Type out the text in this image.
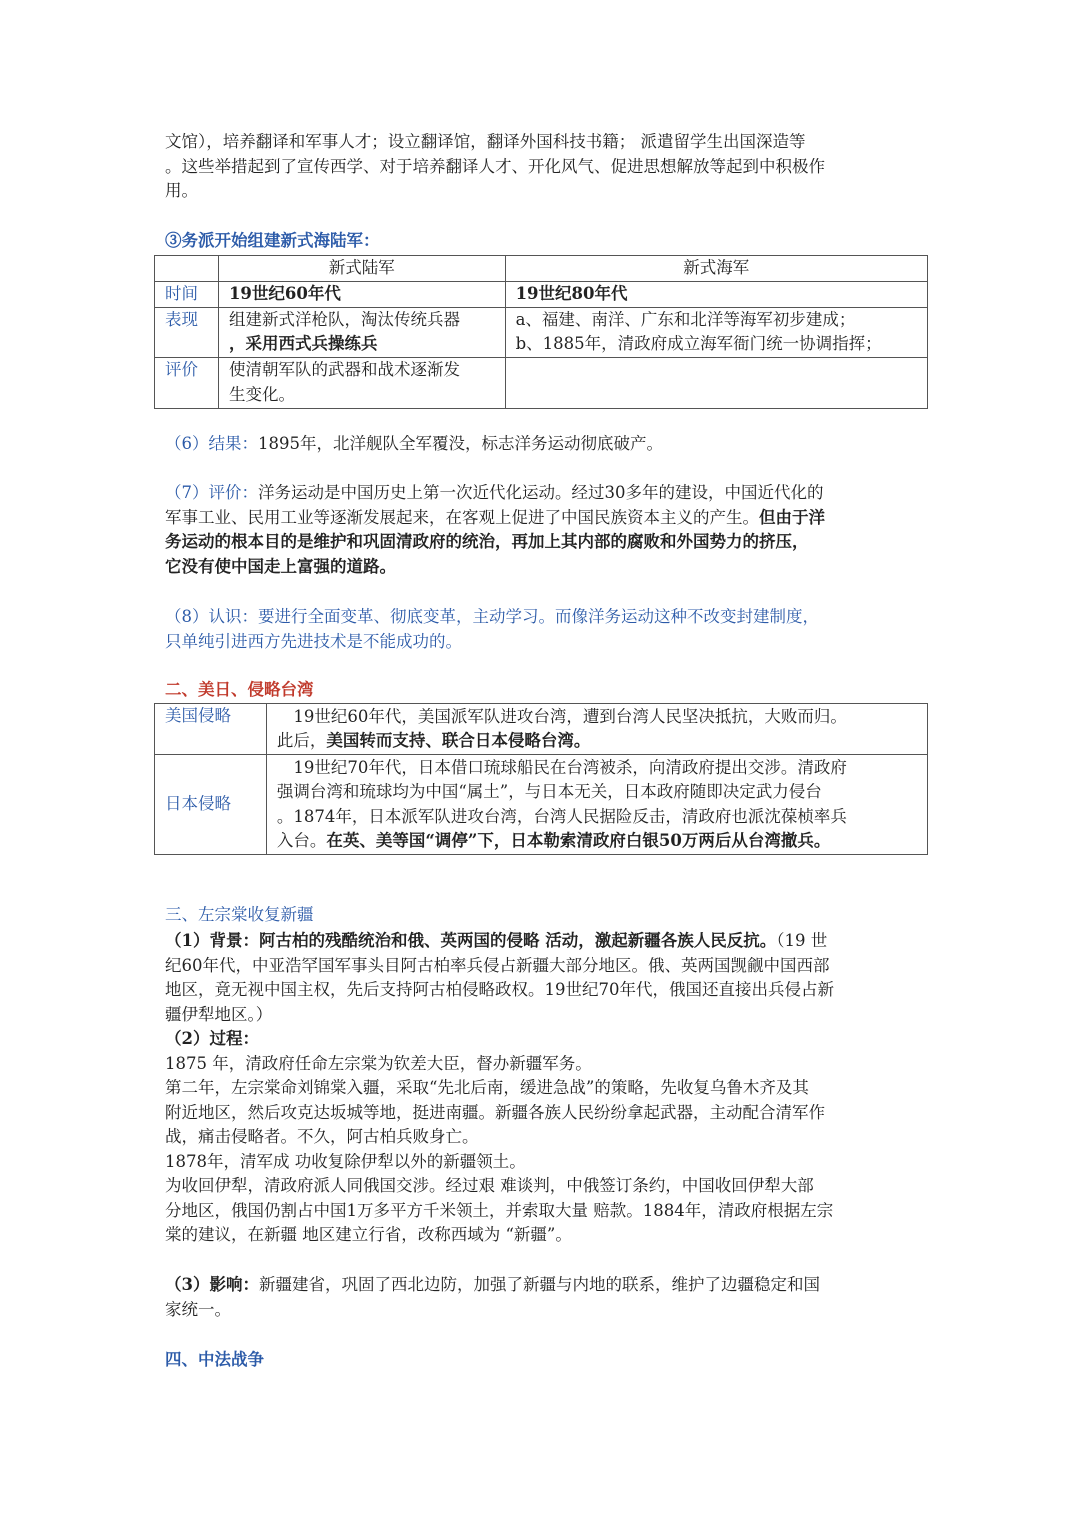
文馆），培养翻译和军事人才；设立翻译馆，翻译外国科技书籍； 派遣留学生出国深造等
。这些举措起到了宣传西学、对于培养翻译人才、开化风气、促进思想解放等起到中积极作
用。

③务派开始组建新式海陆军：

	新式陆军	新式海军
时间	19世纪60年代	19世纪80年代
表现	组建新式洋枪队，淘汰传统兵器
，采用西式兵操练兵	a、福建、南洋、广东和北洋等海军初步建成；
b、1885年，清政府成立海军衙门统一协调指挥；
评价	使清朝军队的武器和战术逐渐发
生变化。	

（6）结果：1895年，北洋舰队全军覆没，标志洋务运动彻底破产。

（7）评价：洋务运动是中国历史上第一次近代化运动。经过30多年的建设，中国近代化的
军事工业、民用工业等逐渐发展起来，在客观上促进了中国民族资本主义的产生。但由于洋
务运动的根本目的是维护和巩固清政府的统治，再加上其内部的腐败和外国势力的挤压，
它没有使中国走上富强的道路。

（8）认识：要进行全面变革、彻底变革，主动学习。而像洋务运动这种不改变封建制度，
只单纯引进西方先进技术是不能成功的。

二、美日、侵略台湾

美国侵略	19世纪60年代，美国派军队进攻台湾，遭到台湾人民坚决抵抗，大败而归。
此后，美国转而支持、联合日本侵略台湾。
日本侵略	19世纪70年代，日本借口琉球船民在台湾被杀，向清政府提出交涉。清政府
强调台湾和琉球均为中国“属土”，与日本无关，日本政府随即决定武力侵台
。1874年，日本派军队进攻台湾，台湾人民据险反击，清政府也派沈葆桢率兵
入台。在英、美等国“调停”下，日本勒索清政府白银50万两后从台湾撤兵。

三、左宗棠收复新疆

（1）背景：阿古柏的残酷统治和俄、英两国的侵略 活动，激起新疆各族人民反抗。（19 世
纪60年代，中亚浩罕国军事头目阿古柏率兵侵占新疆大部分地区。俄、英两国觊觎中国西部
地区，竟无视中国主权，先后支持阿古柏侵略政权。19世纪70年代，俄国还直接出兵侵占新
疆伊犁地区。）

（2）过程：
1875 年，清政府任命左宗棠为钦差大臣，督办新疆军务。
第二年，左宗棠命刘锦棠入疆，采取“先北后南，缓进急战”的策略，先收复乌鲁木齐及其
附近地区，然后攻克达坂城等地，挺进南疆。新疆各族人民纷纷拿起武器，主动配合清军作
战，痛击侵略者。不久，阿古柏兵败身亡。
1878年，清军成 功收复除伊犁以外的新疆领土。
为收回伊犁，清政府派人同俄国交涉。经过艰 难谈判，中俄签订条约，中国收回伊犁大部
分地区，俄国仍割占中国1万多平方千米领土，并索取大量 赔款。1884年，清政府根据左宗
棠的建议，在新疆 地区建立行省，改称西域为 “新疆”。

（3）影响：新疆建省，巩固了西北边防，加强了新疆与内地的联系，维护了边疆稳定和国
家统一。

四、中法战争
